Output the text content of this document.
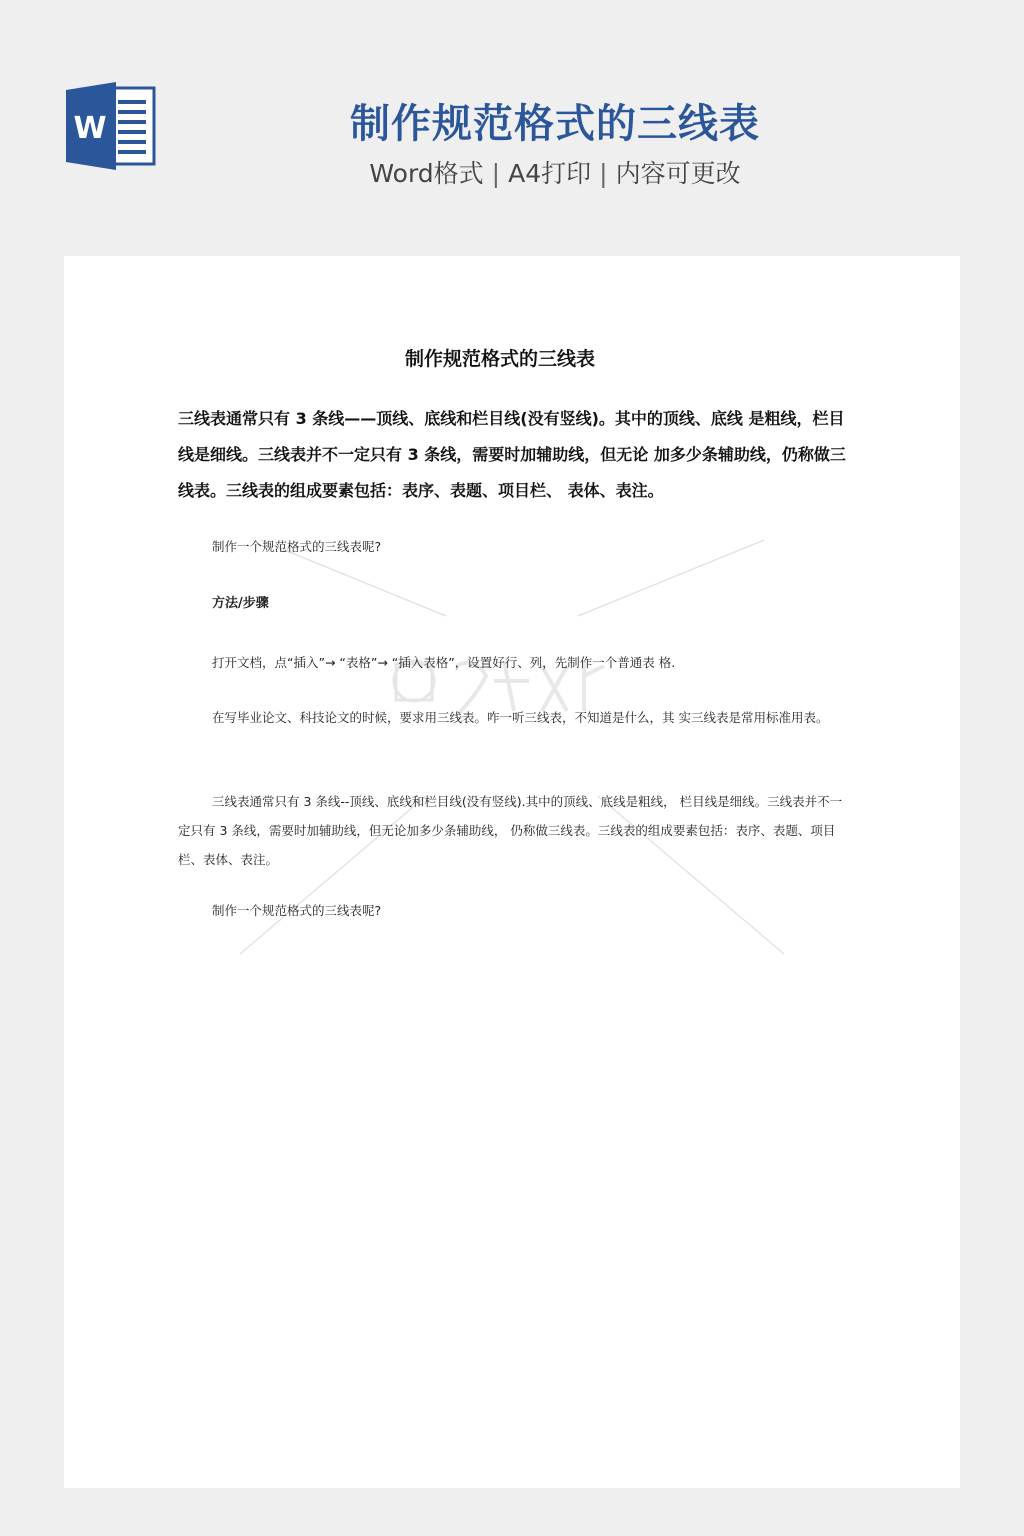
W	制作规范格式的三线表
Word格式 | A4打印 | 内容可更改
制作规范格式的三线表

三线表通常只有 3 条线——顶线、底线和栏目线(没有竖线)。其中的顶线、底线 是粗线，栏目线是细线。三线表并不一定只有 3 条线，需要时加辅助线，但无论 加多少条辅助线，仍称做三线表。三线表的组成要素包括：表序、表题、项目栏、 表体、表注。

制作一个规范格式的三线表呢?

方法/步骤

打开文档，点“插入”→ “表格”→ “插入表格”，设置好行、列，先制作一个普通表 格.

在写毕业论文、科技论文的时候，要求用三线表。咋一听三线表，不知道是什么，其 实三线表是常用标准用表。

三线表通常只有 3 条线--顶线、底线和栏目线(没有竖线).其中的顶线、底线是粗线， 栏目线是细线。三线表并不一定只有 3 条线，需要时加辅助线，但无论加多少条辅助线， 仍称做三线表。三线表的组成要素包括：表序、表题、项目栏、表体、表注。

制作一个规范格式的三线表呢?
